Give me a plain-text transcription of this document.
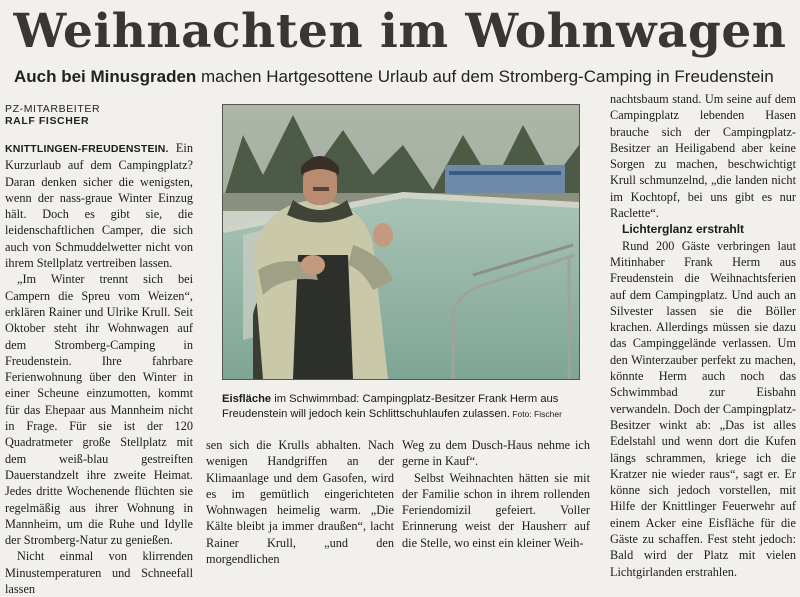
Weihnachten im Wohnwagen
Auch bei Minusgraden machen Hartgesottene Urlaub auf dem Stromberg-Camping in Freudenstein
PZ-MITARBEITER
RALF FISCHER

KNITTLINGEN-FREUDENSTEIN. Ein Kurzurlaub auf dem Campingplatz? Daran denken sicher die wenigsten, wenn der nass-graue Winter Einzug hält. Doch es gibt sie, die leidenschaftlichen Camper, die sich auch von Schmuddelwetter nicht von ihrem Stellplatz vertreiben lassen.

„Im Winter trennt sich bei Campern die Spreu vom Weizen“, erklären Rainer und Ulrike Krull. Seit Oktober steht ihr Wohnwagen auf dem Stromberg-Camping in Freudenstein. Ihre fahrbare Ferienwohnung über den Winter in einer Scheune einzumotten, kommt für das Ehepaar aus Mannheim nicht in Frage. Für sie ist der 120 Quadratmeter große Stellplatz mit dem weiß-blau gestreiften Dauerstandzelt ihre zweite Heimat. Jedes dritte Wochenende flüchten sie regelmäßig aus ihrer Wohnung in Mannheim, um die Ruhe und Idylle der Stromberg-Natur zu genießen.

Nicht einmal von klirrenden Minustemperaturen und Schneefall lassen

Eisfläche im Schwimmbad: Campingplatz-Besitzer Frank Herm aus Freudenstein will jedoch kein Schlittschuhlaufen zulassen. Foto: Fischer

sen sich die Krulls abhalten. Nach wenigen Handgriffen an der Klimaanlage und dem Gasofen, wird es im gemütlich eingerichteten Wohnwagen heimelig warm. „Die Kälte bleibt ja immer draußen“, lacht Rainer Krull, „und den morgendlichen

Weg zu dem Dusch-Haus nehme ich gerne in Kauf“.

Selbst Weihnachten hätten sie mit der Familie schon in ihrem rollenden Feriendomizil gefeiert. Voller Erinnerung weist der Hausherr auf die Stelle, wo einst ein kleiner Weih-

nachtsbaum stand. Um seine auf dem Campingplatz lebenden Hasen brauche sich der Campingplatz-Besitzer an Heiligabend aber keine Sorgen zu machen, beschwichtigt Krull schmunzelnd, „die landen nicht im Kochtopf, bei uns gibt es nur Raclette“.

Lichterglanz erstrahlt

Rund 200 Gäste verbringen laut Mitinhaber Frank Herm aus Freudenstein die Weihnachtsferien auf dem Campingplatz. Und auch an Silvester lassen sie die Böller krachen. Allerdings müssen sie dazu das Campinggelände verlassen. Um den Winterzauber perfekt zu machen, könnte Herm auch noch das Schwimmbad zur Eisbahn verwandeln. Doch der Campingplatz-Besitzer winkt ab: „Das ist alles Edelstahl und wenn dort die Kufen längs schrammen, kriege ich die Kratzer nie wieder raus“, sagt er. Er könne sich jedoch vorstellen, mit Hilfe der Knittlinger Feuerwehr auf einem Acker eine Eisfläche für die Gäste zu schaffen. Fest steht jedoch: Bald wird der Platz mit vielen Lichtgirlanden erstrahlen.
